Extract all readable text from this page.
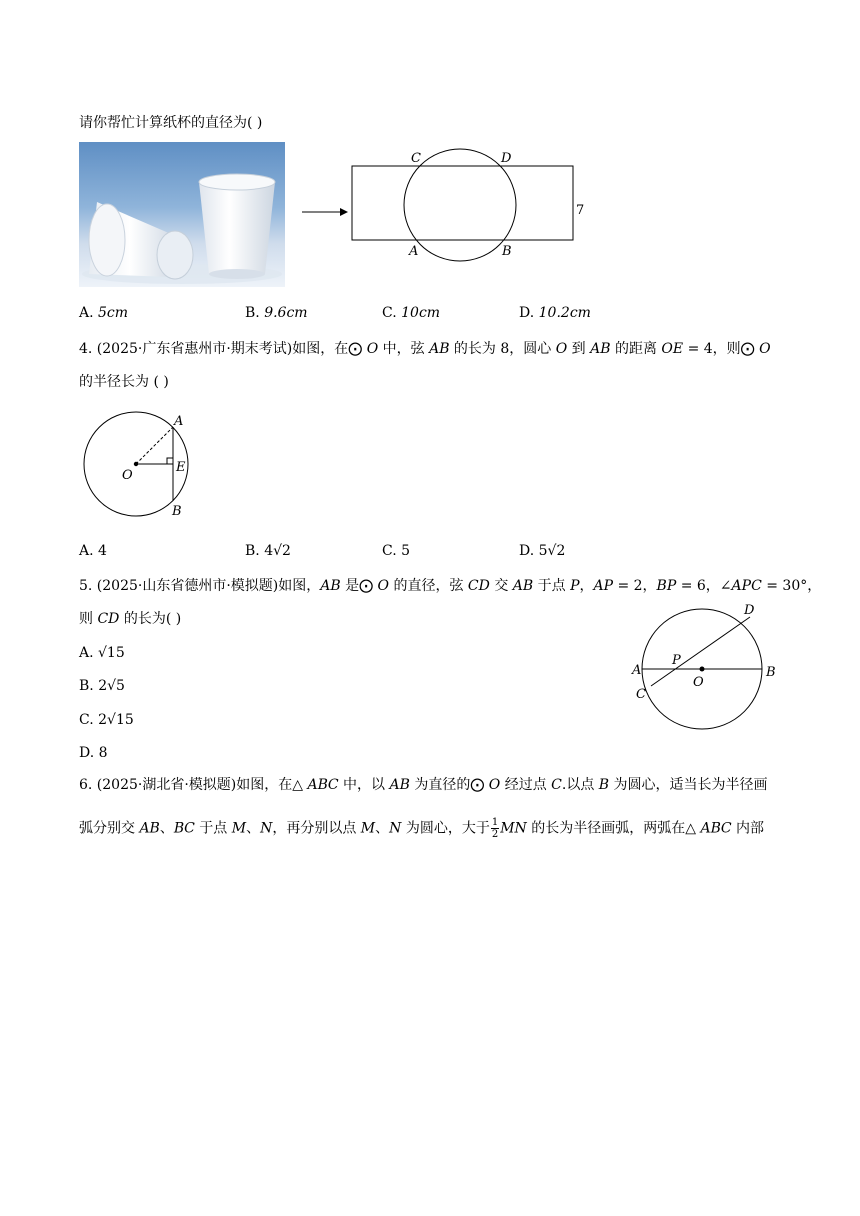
请你帮忙计算纸杯的直径为( )
C	D
A	B
7
A. 5𝑐𝑚	B. 9.6𝑐𝑚	C. 10𝑐𝑚	D. 10.2𝑐𝑚
4. (2025·广东省惠州市·期末考试)如图，在⨀ 𝑂 中，弦 𝐴𝐵 的长为 8，圆心 𝑂 到 𝐴𝐵 的距离 𝑂𝐸 = 4，则⨀ 𝑂
的半径长为 ( )
A
E
O
B
A. 4	B. 4√2	C. 5	D. 5√2
5. (2025·山东省德州市·模拟题)如图，𝐴𝐵 是⨀ 𝑂 的直径，弦 𝐶𝐷 交 𝐴𝐵 于点 𝑃，𝐴𝑃 = 2，𝐵𝑃 = 6，∠𝐴𝑃𝐶 = 30°，
则 𝐶𝐷 的长为( )
A. √15
B. 2√5
C. 2√15
D. 8
D
A
P
O
B
C
6. (2025·湖北省·模拟题)如图，在△ 𝐴𝐵𝐶 中，以 𝐴𝐵 为直径的⨀ 𝑂 经过点 𝐶.以点 𝐵 为圆心，适当长为半径画
弧分别交 𝐴𝐵、𝐵𝐶 于点 𝑀、𝑁，再分别以点 𝑀、𝑁 为圆心，大于 $\frac{1}{2}$ 𝑀𝑁 的长为半径画弧，两弧在△ 𝐴𝐵𝐶 内部
